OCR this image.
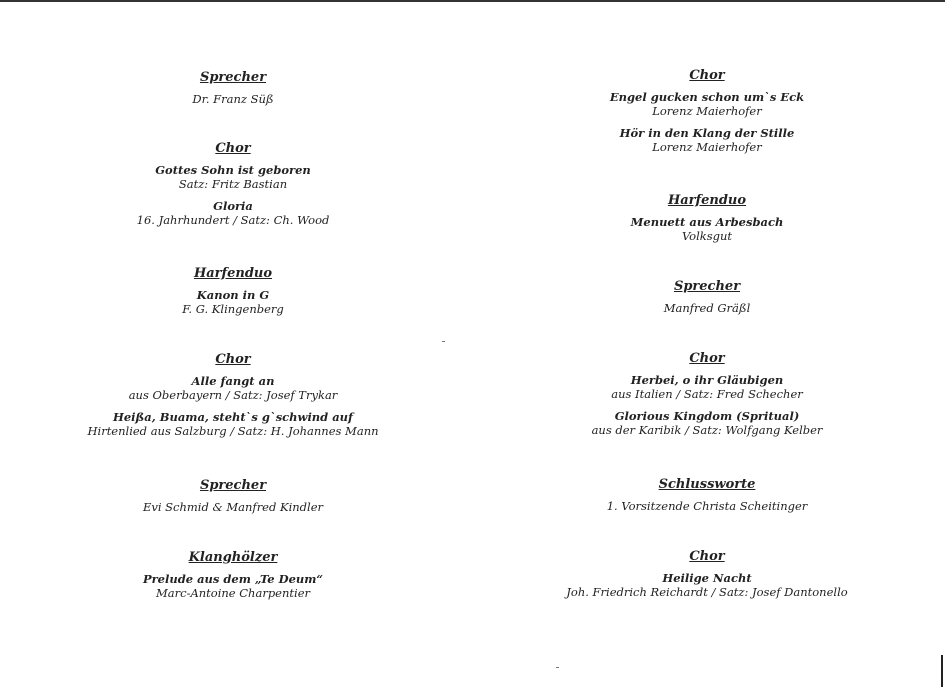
Sprecher
Dr. Franz Süß
Chor
Gottes Sohn ist geboren
Satz: Fritz Bastian
Gloria
16. Jahrhundert / Satz: Ch. Wood
Harfenduo
Kanon in G
F. G. Klingenberg
Chor
Alle fangt an
aus Oberbayern / Satz: Josef Trykar
Heißa, Buama, steht`s g`schwind auf
Hirtenlied aus Salzburg / Satz: H. Johannes Mann
Sprecher
Evi Schmid & Manfred Kindler
Klanghölzer
Prelude aus dem „Te Deum“
Marc-Antoine Charpentier
Chor
Engel gucken schon um`s Eck
Lorenz Maierhofer
Hör in den Klang der Stille
Lorenz Maierhofer
Harfenduo
Menuett aus Arbesbach
Volksgut
Sprecher
Manfred Gräßl
Chor
Herbei, o ihr Gläubigen
aus Italien / Satz: Fred Schecher
Glorious Kingdom (Spritual)
aus der Karibik / Satz: Wolfgang Kelber
Schlussworte
1. Vorsitzende Christa Scheitinger
Chor
Heilige Nacht
Joh. Friedrich Reichardt / Satz: Josef Dantonello
